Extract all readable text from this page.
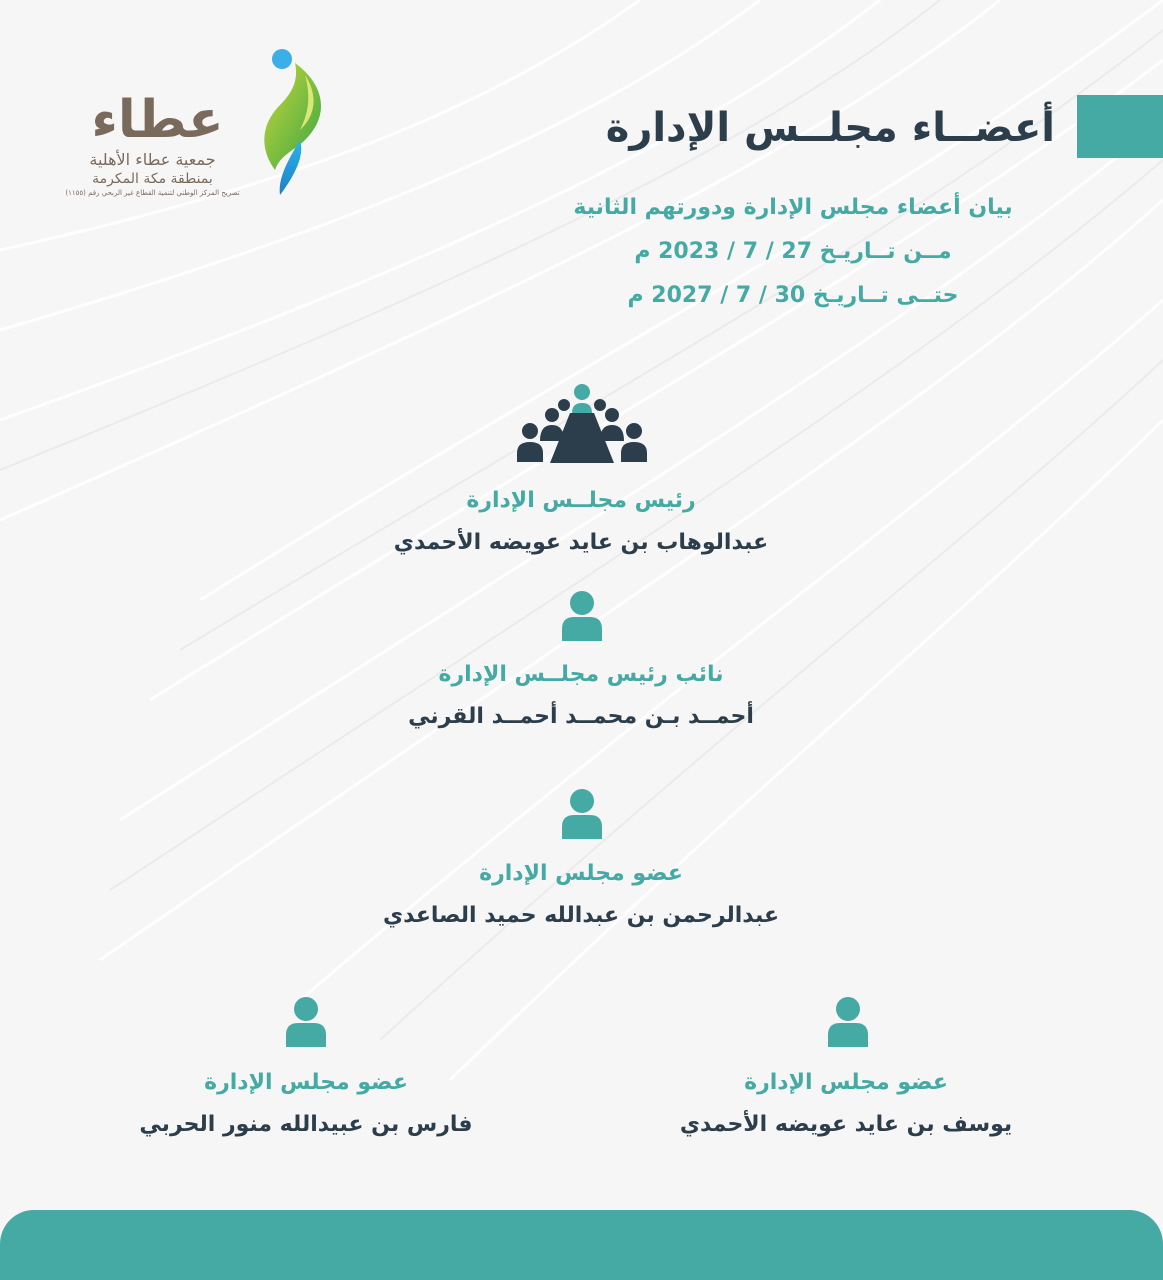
عطاء
جمعية عطاء الأهلية
بمنطقة مكة المكرمة
تصريح المركز الوطني لتنمية القطاع غير الربحي رقم (١١٥٥)
أعضــاء مجلــس الإدارة
بيان أعضاء مجلس الإدارة ودورتهم الثانية
مــن تــاريـخ 27 / 7 / 2023 م
حتــى تــاريـخ 30 / 7 / 2027 م
رئيس مجلــس الإدارة
عبدالوهاب بن عايد عويضه الأحمدي
نائب رئيس مجلــس الإدارة
أحمــد بـن محمــد أحمــد القرني
عضو مجلس الإدارة
عبدالرحمن بن عبدالله حميد الصاعدي
عضو مجلس الإدارة
يوسف بن عايد عويضه الأحمدي
عضو مجلس الإدارة
فارس بن عبيدالله منور الحربي
